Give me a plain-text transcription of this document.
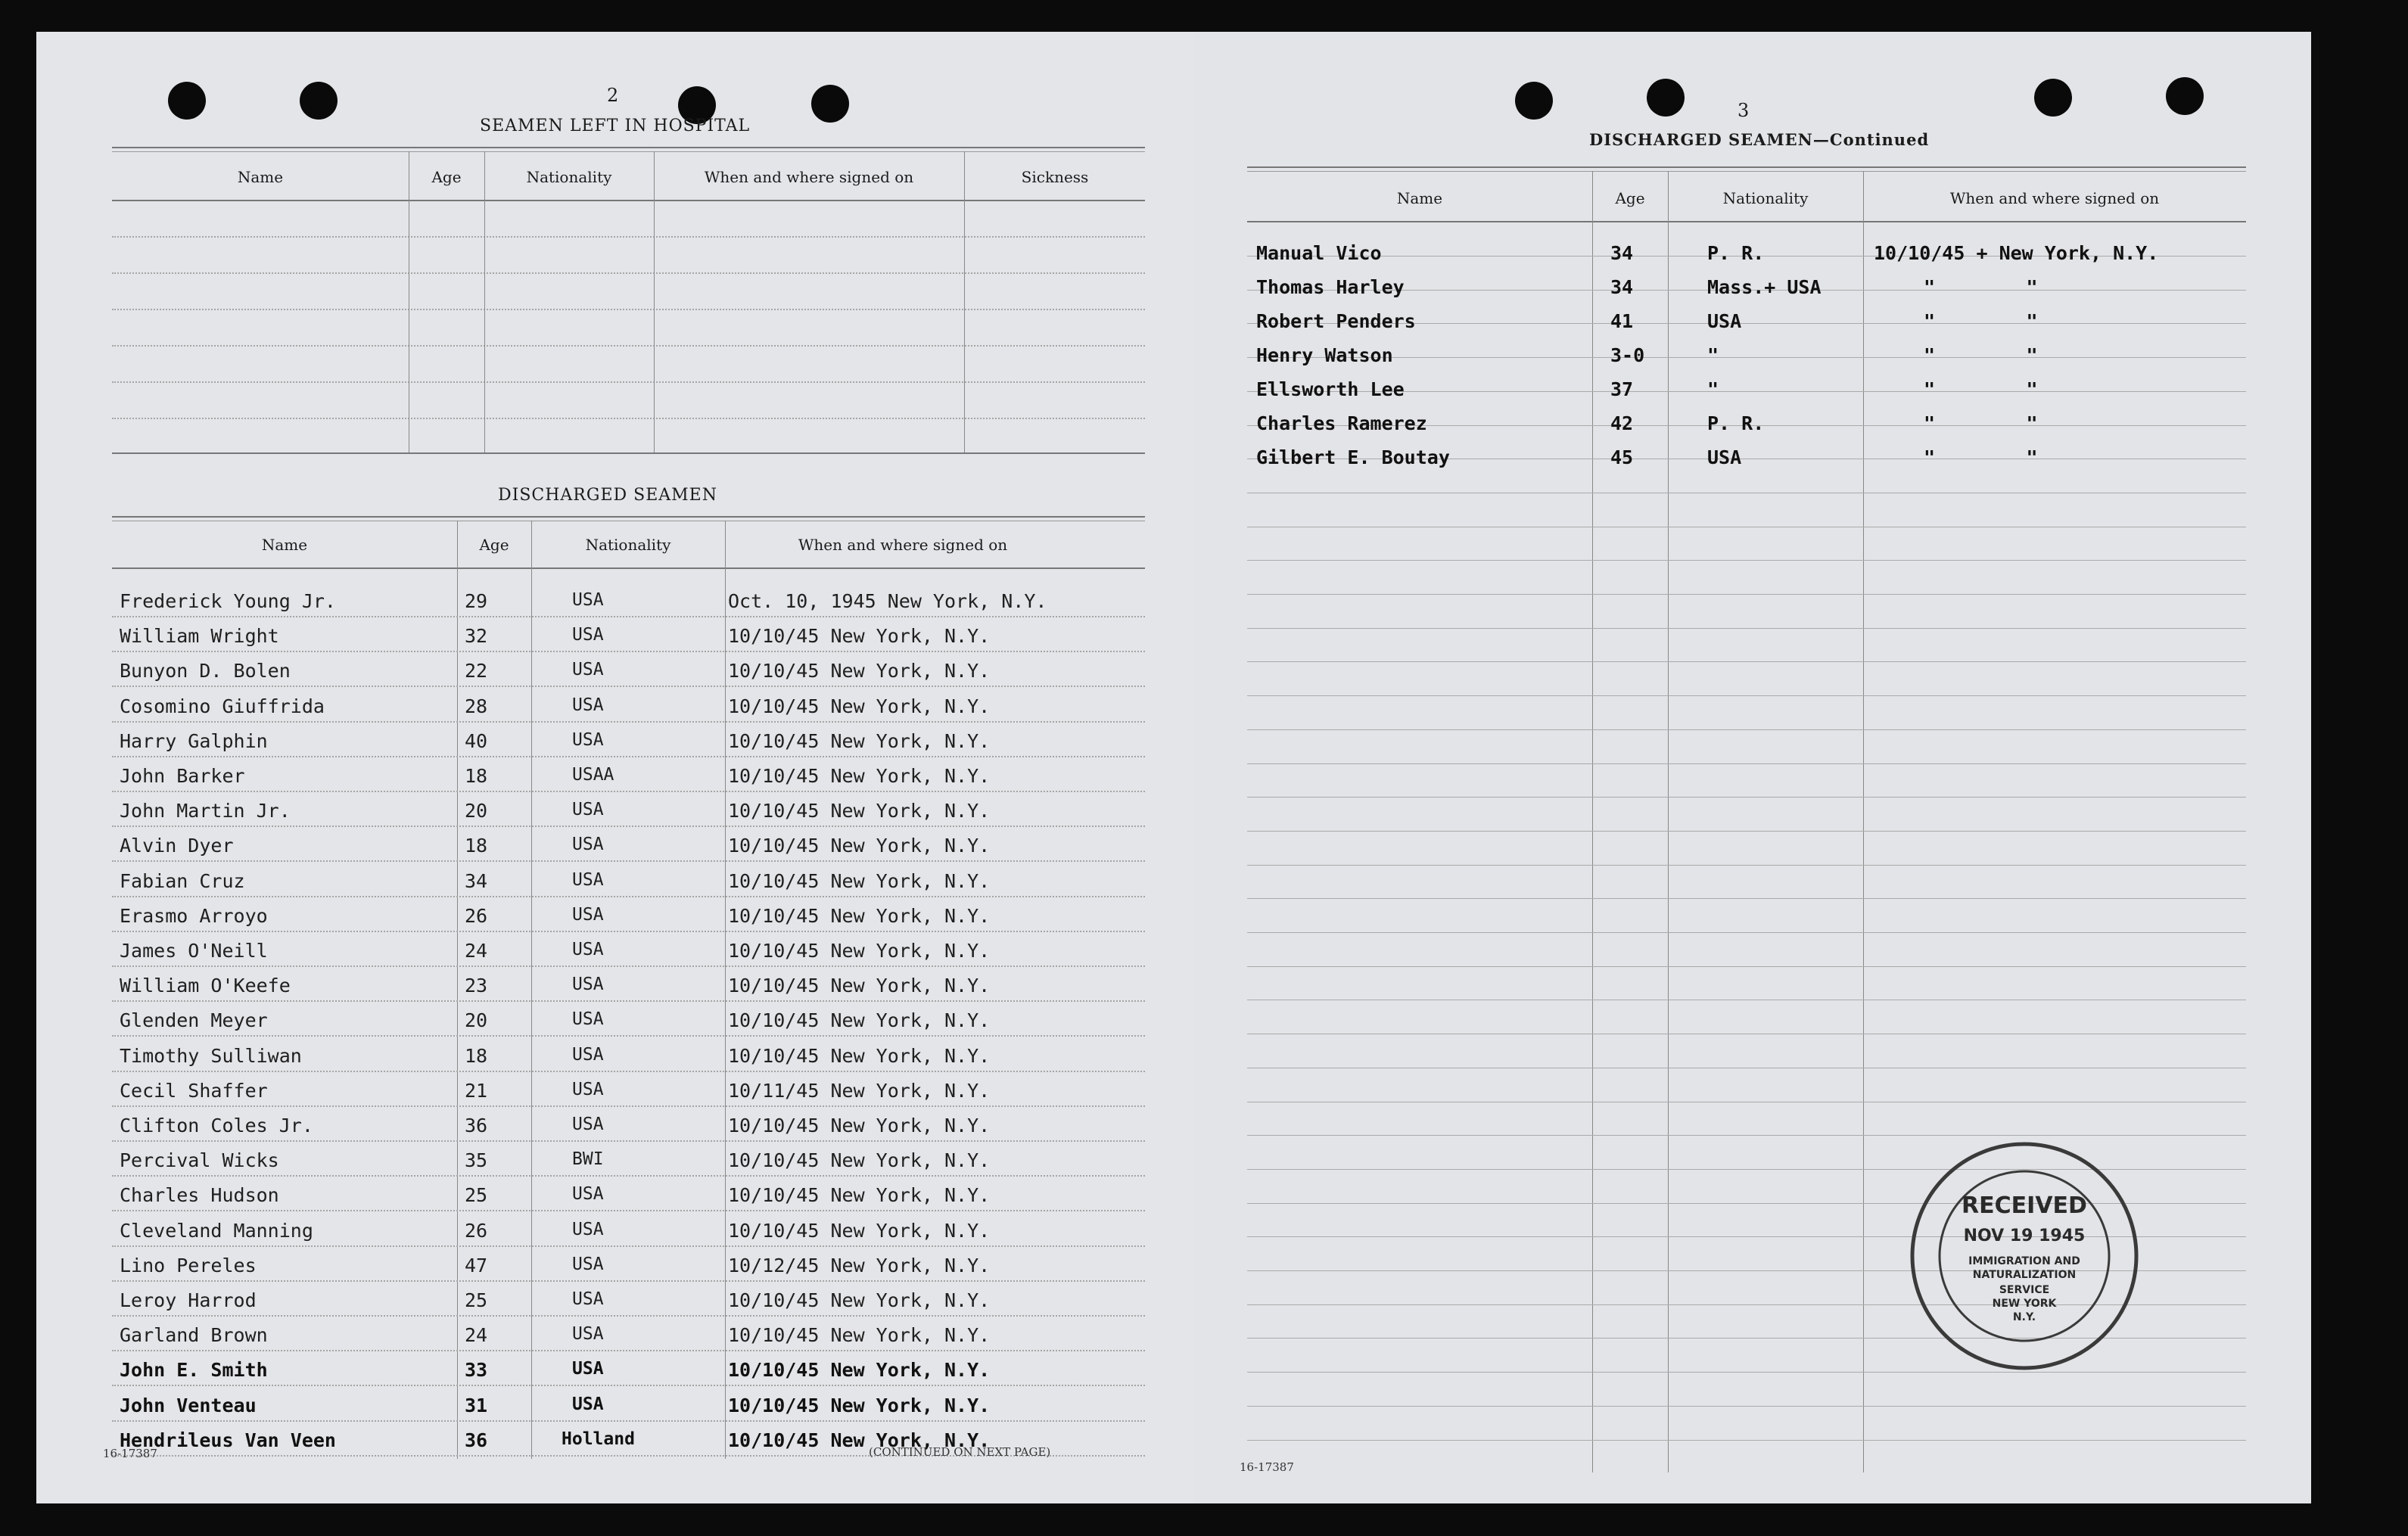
2
SEAMEN LEFT IN HOSPITAL
Name	Age	Nationality	When and where signed on	Sickness
DISCHARGED SEAMEN
Name	Age	Nationality	When and where signed on
Frederick Young Jr.	29	USA	Oct. 10, 1945 New York, N.Y.
William Wright	32	USA	10/10/45 New York, N.Y.
Bunyon D. Bolen	22	USA	10/10/45 New York, N.Y.
Cosomino Giuffrida	28	USA	10/10/45 New York, N.Y.
Harry Galphin	40	USA	10/10/45 New York, N.Y.
John Barker	18	USAA	10/10/45 New York, N.Y.
John Martin Jr.	20	USA	10/10/45 New York, N.Y.
Alvin Dyer	18	USA	10/10/45 New York, N.Y.
Fabian Cruz	34	USA	10/10/45 New York, N.Y.
Erasmo Arroyo	26	USA	10/10/45 New York, N.Y.
James O'Neill	24	USA	10/10/45 New York, N.Y.
William O'Keefe	23	USA	10/10/45 New York, N.Y.
Glenden Meyer	20	USA	10/10/45 New York, N.Y.
Timothy Sulliwan	18	USA	10/10/45 New York, N.Y.
Cecil Shaffer	21	USA	10/11/45 New York, N.Y.
Clifton Coles Jr.	36	USA	10/10/45 New York, N.Y.
Percival Wicks	35	BWI	10/10/45 New York, N.Y.
Charles Hudson	25	USA	10/10/45 New York, N.Y.
Cleveland Manning	26	USA	10/10/45 New York, N.Y.
Lino Pereles	47	USA	10/12/45 New York, N.Y.
Leroy Harrod	25	USA	10/10/45 New York, N.Y.
Garland Brown	24	USA	10/10/45 New York, N.Y.
John E. Smith	33	USA	10/10/45 New York, N.Y.
John Venteau	31	USA	10/10/45 New York, N.Y.
Hendrileus Van Veen	36	Holland	10/10/45 New York, N.Y.
16-17387	(CONTINUED ON NEXT PAGE)
3
DISCHARGED SEAMEN—Continued
Name	Age	Nationality	When and where signed on
Manual Vico	34	P. R.	10/10/45 + New York, N.Y.
Thomas Harley	34	Mass.+ USA	"        "
Robert Penders	41	USA	"        "
Henry Watson	3-0	"	"        "
Ellsworth Lee	37	"	"        "
Charles Ramerez	42	P. R.	"        "
Gilbert E. Boutay	45	USA	"        "
16-17387
RECEIVED
NOV 19 1945
IMMIGRATION AND
NATURALIZATION
SERVICE
NEW YORK
N.Y.
